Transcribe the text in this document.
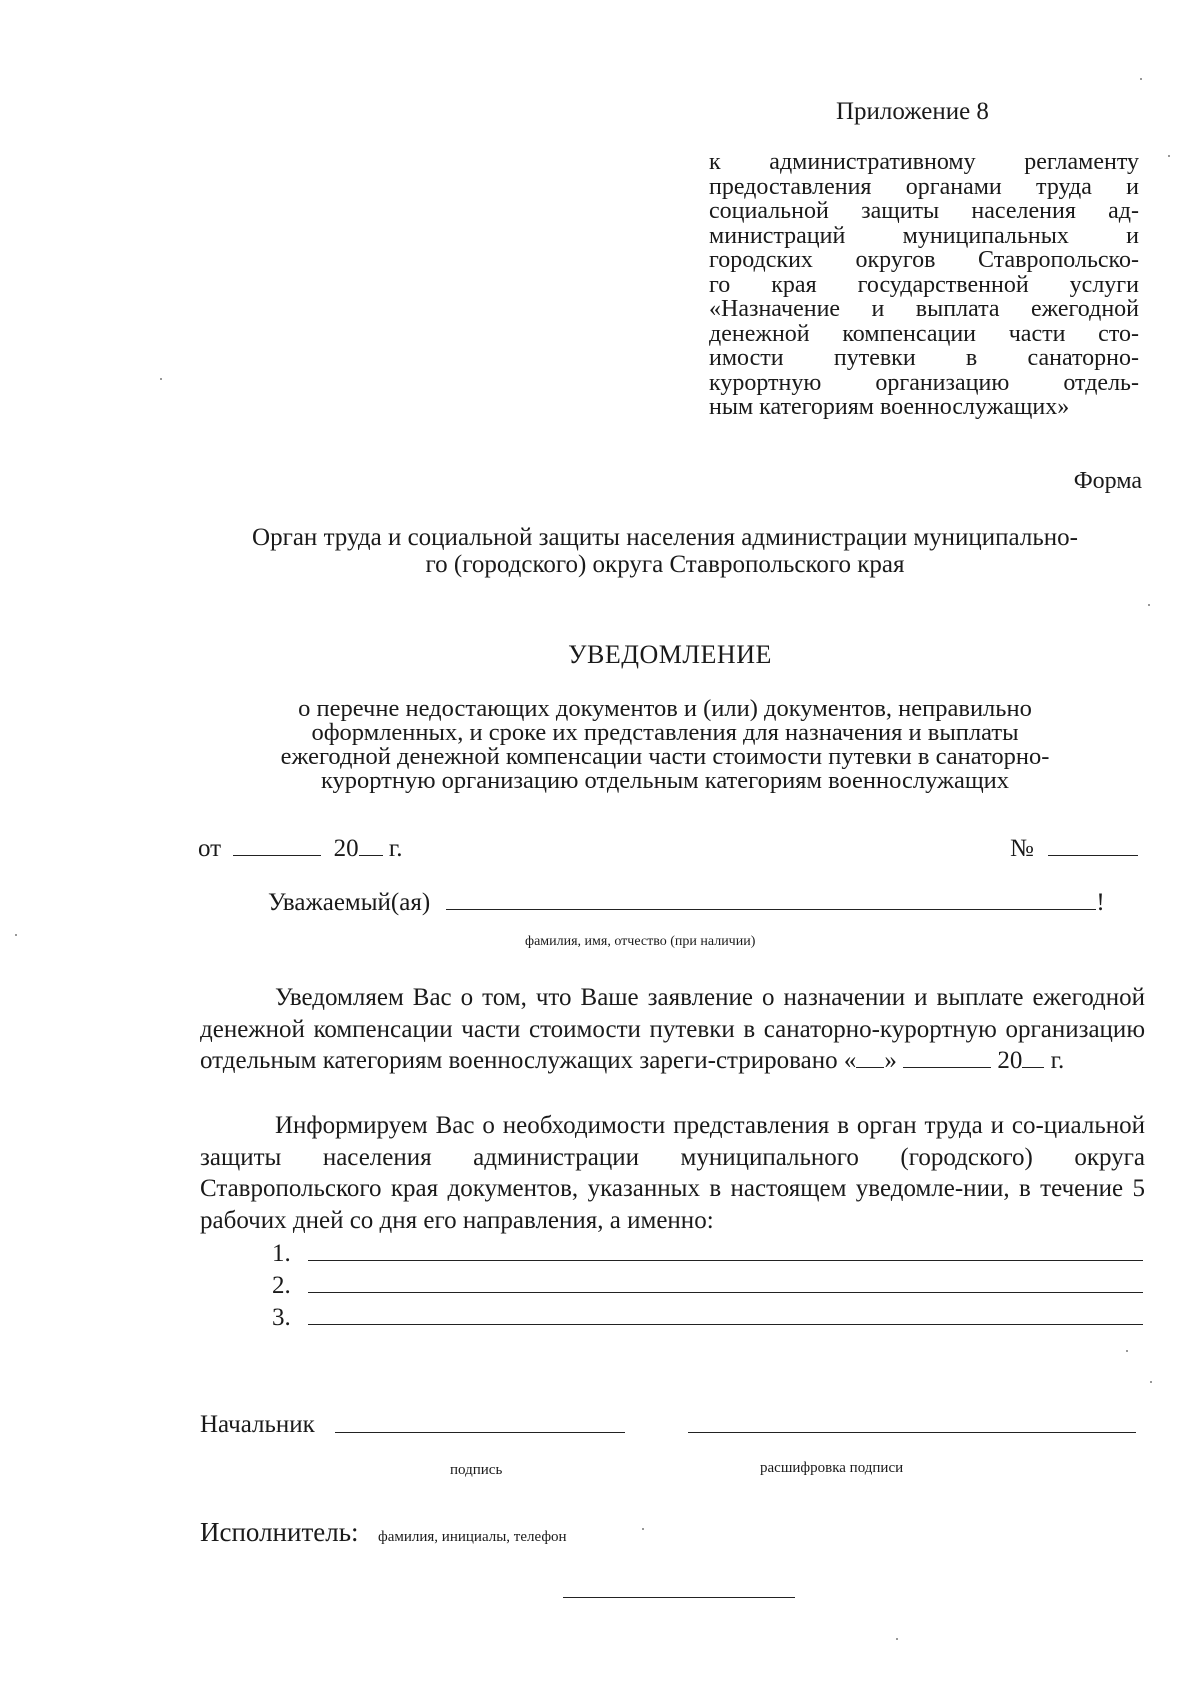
Приложение 8
к административному регламенту
предоставления органами труда и
социальной защиты населения ад-
министраций муниципальных и
городских округов Ставропольско-
го края государственной услуги
«Назначение и выплата ежегодной
денежной компенсации части сто-
имости путевки в санаторно-
курортную организацию отдель-
ным категориям военнослужащих»
Форма
Орган труда и социальной защиты населения администрации муниципально-
го (городского) округа Ставропольского края
УВЕДОМЛЕНИЕ
о перечне недостающих документов и (или) документов, неправильно
оформленных, и сроке их представления для назначения и выплаты
ежегодной денежной компенсации части стоимости путевки в санаторно-
курортную организацию отдельным категориям военнослужащих
от	20 г.	№
Уважаемый(ая)	!
фамилия, имя, отчество (при наличии)
Уведомляем Вас о том, что Ваше заявление о назначении и выплате ежегодной денежной компенсации части стоимости путевки в санаторно-курортную организацию отдельным категориям военнослужащих зареги-стрировано « »	20 г.
Информируем Вас о необходимости представления в орган труда и со-циальной защиты населения администрации муниципального (городского) округа Ставропольского края документов, указанных в настоящем уведомле-нии, в течение 5 рабочих дней со дня его направления, а именно:
1.
2.
3.
Начальник
подпись	расшифровка подписи
Исполнитель: фамилия, инициалы, телефон
